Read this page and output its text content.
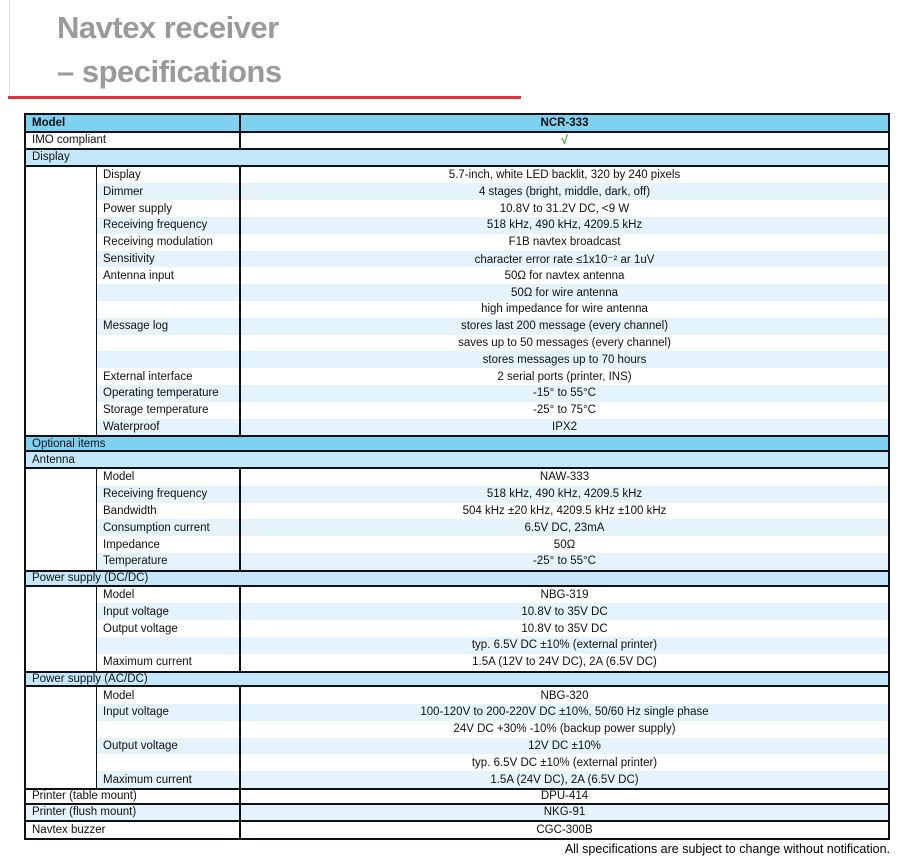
Navtex receiver
– specifications
Model	NCR-333
IMO compliant	√
Display
Display	5.7-inch, white LED backlit, 320 by 240 pixels
Dimmer	4 stages (bright, middle, dark, off)
Power supply	10.8V to 31.2V DC, <9 W
Receiving frequency	518 kHz, 490 kHz, 4209.5 kHz
Receiving modulation	F1B navtex broadcast
Sensitivity	character error rate ≤1x10⁻² ar 1uV
Antenna input	50Ω for navtex antenna
50Ω for wire antenna
high impedance for wire antenna
Message log	stores last 200 message (every channel)
saves up to 50 messages (every channel)
stores messages up to 70 hours
External interface	2 serial ports (printer, INS)
Operating temperature	-15° to 55°C
Storage temperature	-25° to 75°C
Waterproof	IPX2
Optional items
Antenna
Model	NAW-333
Receiving frequency	518 kHz, 490 kHz, 4209.5 kHz
Bandwidth	504 kHz ±20 kHz, 4209.5 kHz ±100 kHz
Consumption current	6.5V DC, 23mA
Impedance	50Ω
Temperature	-25° to 55°C
Power supply (DC/DC)
Model	NBG-319
Input voltage	10.8V to 35V DC
Output voltage	10.8V to 35V DC
typ. 6.5V DC ±10% (external printer)
Maximum current	1.5A (12V to 24V DC), 2A (6.5V DC)
Power supply (AC/DC)
Model	NBG-320
Input voltage	100-120V to 200-220V DC ±10%, 50/60 Hz single phase
24V DC +30% -10% (backup power supply)
Output voltage	12V DC ±10%
typ. 6.5V DC ±10% (external printer)
Maximum current	1.5A (24V DC), 2A (6.5V DC)
Printer (table mount)	DPU-414
Printer (flush mount)	NKG-91
Navtex buzzer	CGC-300B
All specifications are subject to change without notification.
